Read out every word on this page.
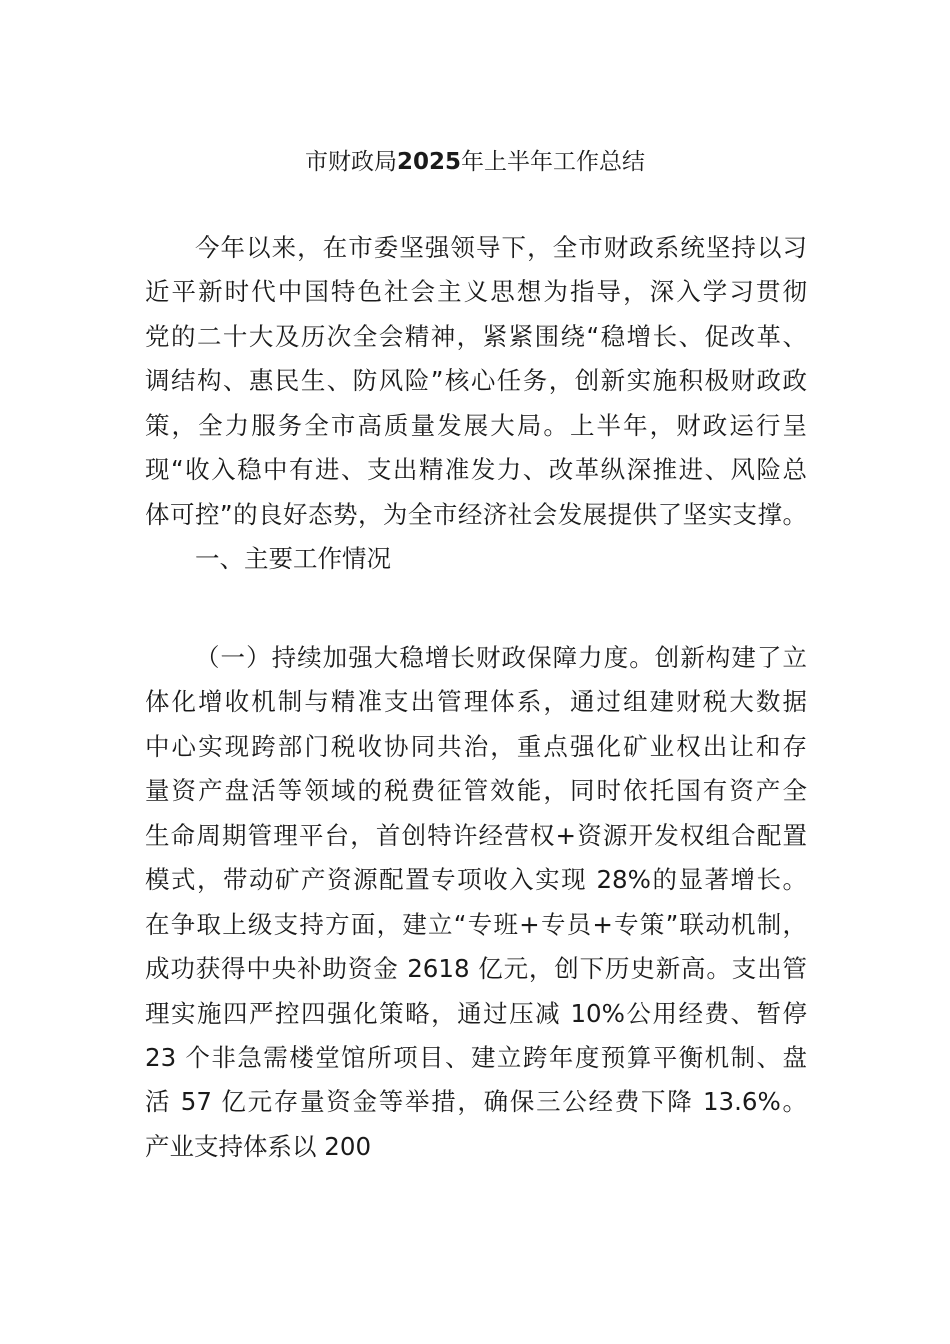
市财政局2025年上半年工作总结
今年以来，在市委坚强领导下，全市财政系统坚持以习
近平新时代中国特色社会主义思想为指导，深入学习贯彻
党的二十大及历次全会精神，紧紧围绕“稳增长、促改革、
调结构、惠民生、防风险”核心任务，创新实施积极财政政
策，全力服务全市高质量发展大局。上半年，财政运行呈
现“收入稳中有进、支出精准发力、改革纵深推进、风险总
体可控”的良好态势，为全市经济社会发展提供了坚实支撑。
一、主要工作情况
（一）持续加强大稳增长财政保障力度。创新构建了立
体化增收机制与精准支出管理体系，通过组建财税大数据
中心实现跨部门税收协同共治，重点强化矿业权出让和存
量资产盘活等领域的税费征管效能，同时依托国有资产全
生命周期管理平台，首创特许经营权+资源开发权组合配置
模式，带动矿产资源配置专项收入实现 28%的显著增长。
在争取上级支持方面，建立“专班+专员+专策”联动机制，
成功获得中央补助资金 2618 亿元，创下历史新高。支出管
理实施四严控四强化策略，通过压减 10%公用经费、暂停
23 个非急需楼堂馆所项目、建立跨年度预算平衡机制、盘
活 57 亿元存量资金等举措，确保三公经费下降 13.6%。
产业支持体系以 200
